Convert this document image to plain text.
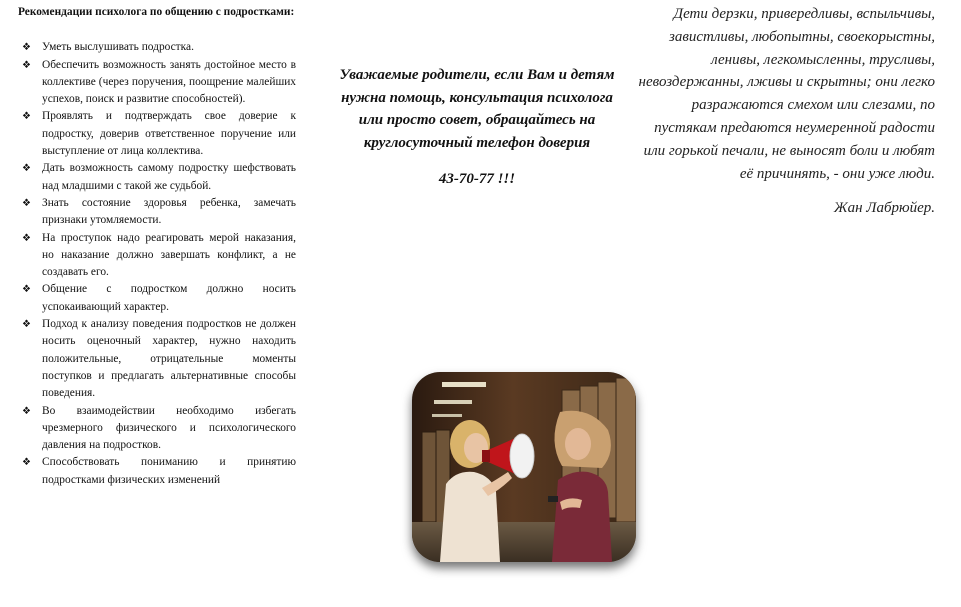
Рекомендации психолога по общению с подростками:

❖ Уметь выслушивать подростка.
❖ Обеспечить возможность занять достойное место в коллективе (через поручения, поощрение малейших успехов, поиск и развитие способностей).
❖ Проявлять и подтверждать свое доверие к подростку, доверив ответственное поручение или выступление от лица коллектива.
❖ Дать возможность самому подростку шефствовать над младшими с такой же судьбой.
❖ Знать состояние здоровья ребенка, замечать признаки утомляемости.
❖ На проступок надо реагировать мерой наказания, но наказание должно завершать конфликт, а не создавать его.
❖ Общение с подростком должно носить успокаивающий характер.
❖ Подход к анализу поведения подростков не должен носить оценочный характер, нужно находить положительные, отрицательные моменты поступков и предлагать альтернативные способы поведения.
❖ Во взаимодействии необходимо избегать чрезмерного физического и психологического давления на подростков.
❖ Способствовать пониманию и принятию подростками физических изменений
Уважаемые родители, если Вам и детям нужна помощь, консультация психолога или просто совет, обращайтесь на круглосуточный телефон доверия
43-70-77 !!!
Дети дерзки, привередливы, вспыльчивы, завистливы, любопытны, своекорыстны, ленивы, легкомысленны, трусливы, невоздержанны, лживы и скрытны; они легко разражаются смехом или слезами, по пустякам предаются неумеренной радости или горькой печали, не выносят боли и любят её причинять, - они уже люди.
Жан Лабрюйер.
